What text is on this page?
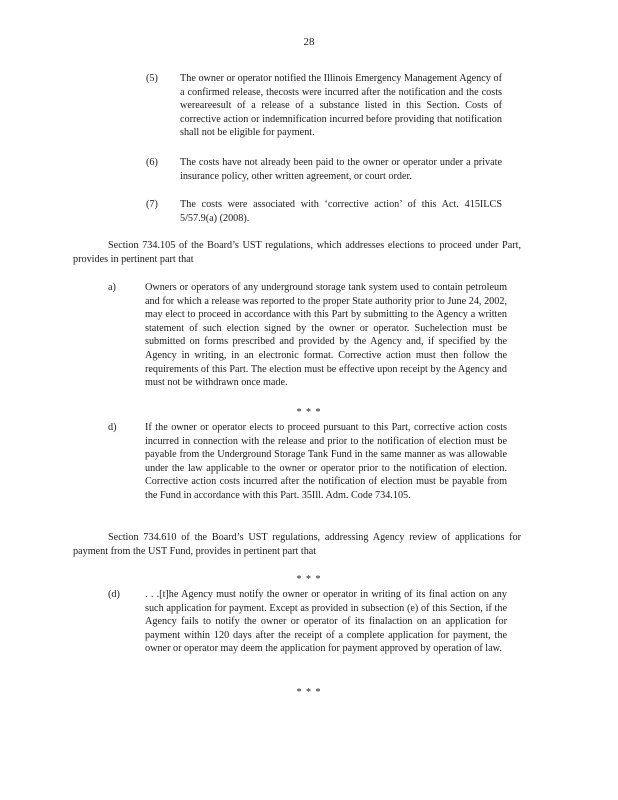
28
(5) The owner or operator notified the Illinois Emergency Management Agency of a confirmed release, thecosts were incurred after the notification and the costs wereareesult of a release of a substance listed in this Section. Costs of corrective action or indemnification incurred before providing that notification shall not be eligible for payment.
(6) The costs have not already been paid to the owner or operator under a private insurance policy, other written agreement, or court order.
(7) The costs were associated with ‘corrective action’ of this Act. 415ILCS 5/57.9(a) (2008).
Section 734.105 of the Board’s UST regulations, which addresses elections to proceed under Part, provides in pertinent part that
a)	Owners or operators of any underground storage tank system used to contain petroleum and for which a release was reported to the proper State authority prior to June 24, 2002, may elect to proceed in accordance with this Part by submitting to the Agency a written statement of such election signed by the owner or operator. Suchelection must be submitted on forms prescribed and provided by the Agency and, if specified by the Agency in writing, in an electronic format. Corrective action must then follow the requirements of this Part. The election must be effective upon receipt by the Agency and must not be withdrawn once made.
* * *
d)	If the owner or operator elects to proceed pursuant to this Part, corrective action costs incurred in connection with the release and prior to the notification of election must be payable from the Underground Storage Tank Fund in the same manner as was allowable under the law applicable to the owner or operator prior to the notification of election. Corrective action costs incurred after the notification of election must be payable from the Fund in accordance with this Part. 35Ill. Adm. Code 734.105.
Section 734.610 of the Board’s UST regulations, addressing Agency review of applications for payment from the UST Fund, provides in pertinent part that
* * *
(d) . . .[t]he Agency must notify the owner or operator in writing of its final action on any such application for payment. Except as provided in subsection (e) of this Section, if the Agency fails to notify the owner or operator of its finalaction on an application for payment within 120 days after the receipt of a complete application for payment, the owner or operator may deem the application for payment approved by operation of law.
* * *
